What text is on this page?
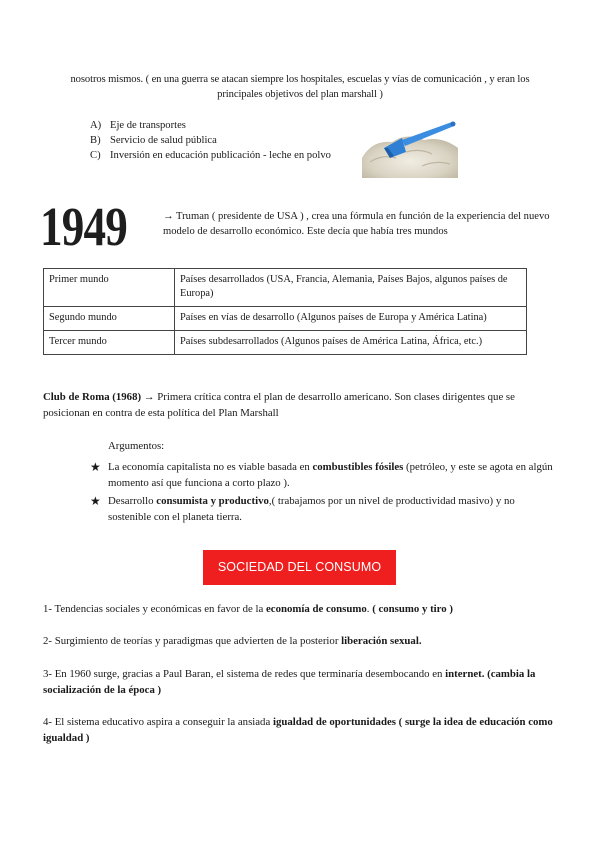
nosotros mismos. ( en una guerra se atacan siempre los hospitales, escuelas y vías de comunicación , y eran los
principales objetivos del plan marshall )
A) Eje de transportes
B) Servicio de salud pública
C) Inversión en educación publicación - leche en polvo
1949	→ Truman ( presidente de USA ) , crea una fórmula en función de la experiencia del nuevo modelo de desarrollo económico. Este decía que había tres mundos
Primer mundo	Países desarrollados (USA, Francia, Alemania, Países Bajos, algunos países de Europa)
Segundo mundo	Países en vías de desarrollo (Algunos países de Europa y América Latina)
Tercer mundo	Países subdesarrollados (Algunos países de América Latina, África, etc.)
Club de Roma (1968) → Primera crítica contra el plan de desarrollo americano. Son clases dirigentes que se posicionan en contra de esta política del Plan Marshall
Argumentos:
★ La economía capitalista no es viable basada en combustibles fósiles (petróleo, y este se agota en algún momento así que funciona a corto plazo ).
★ Desarrollo consumista y productivo,( trabajamos por un nivel de productividad masivo) y no sostenible con el planeta tierra.
SOCIEDAD DEL CONSUMO
1- Tendencias sociales y económicas en favor de la economía de consumo. ( consumo y tiro )
2- Surgimiento de teorías y paradigmas que advierten de la posterior liberación sexual.
3- En 1960 surge, gracias a Paul Baran, el sistema de redes que terminaría desembocando en internet. (cambia la socialización de la época )
4- El sistema educativo aspira a conseguir la ansiada igualdad de oportunidades ( surge la idea de educación como igualdad )
